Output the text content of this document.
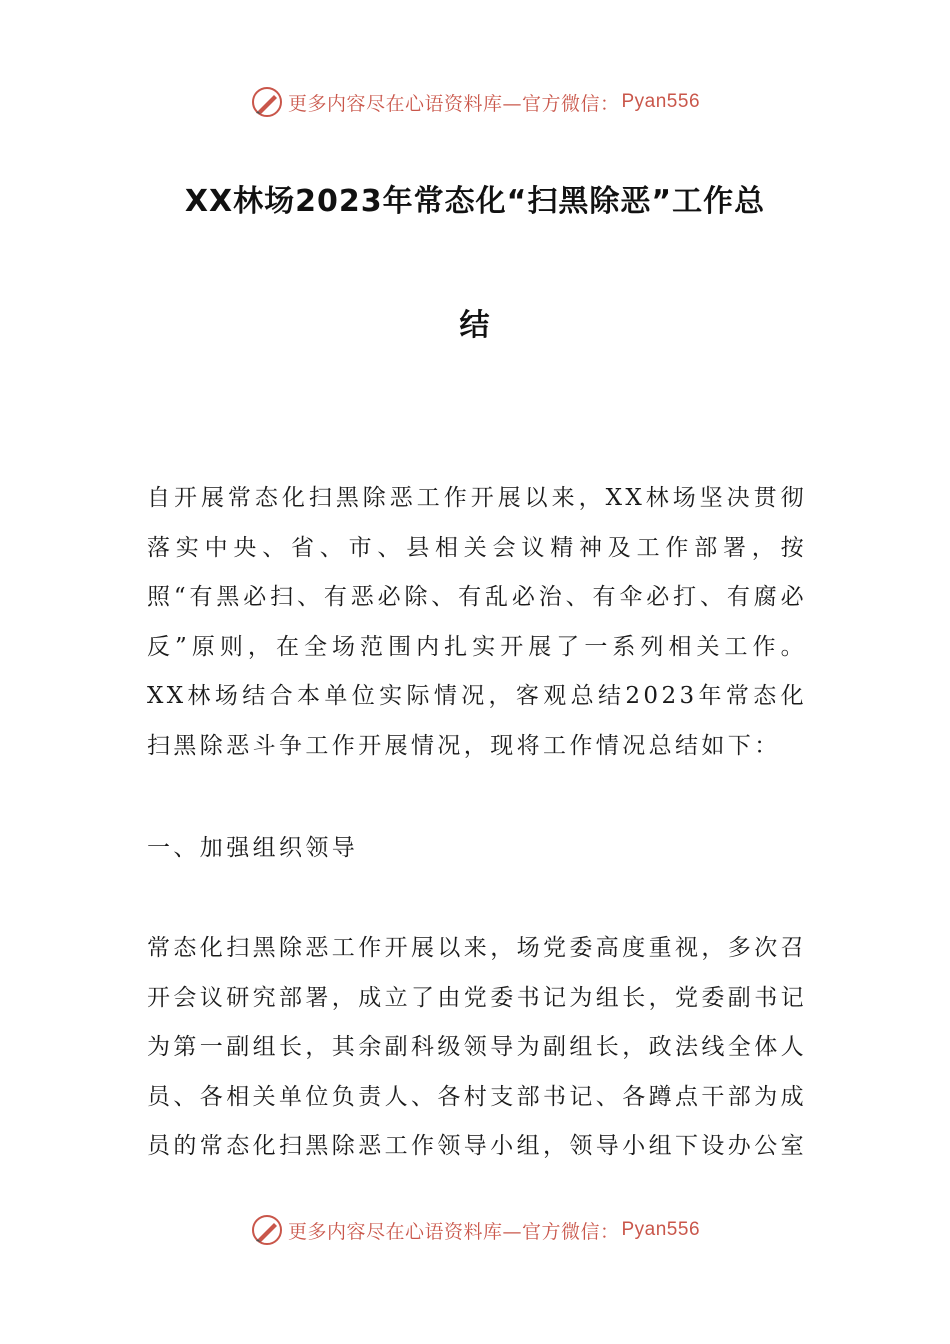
更多内容尽在心语资料库—官方微信： Pyan556
XX林场2023年常态化“扫黑除恶”工作总
结

自开展常态化扫黑除恶工作开展以来，XX林场坚决贯彻落实中央、省、市、县相关会议精神及工作部署，按照“有黑必扫、有恶必除、有乱必治、有伞必打、有腐必反”原则，在全场范围内扎实开展了一系列相关工作。XX林场结合本单位实际情况，客观总结2023年常态化扫黑除恶斗争工作开展情况，现将工作情况总结如下：

一、加强组织领导

常态化扫黑除恶工作开展以来，场党委高度重视，多次召开会议研究部署，成立了由党委书记为组长，党委副书记为第一副组长，其余副科级领导为副组长，政法线全体人员、各相关单位负责人、各村支部书记、各蹲点干部为成员的常态化扫黑除恶工作领导小组，领导小组下设办公室

更多内容尽在心语资料库—官方微信： Pyan556
